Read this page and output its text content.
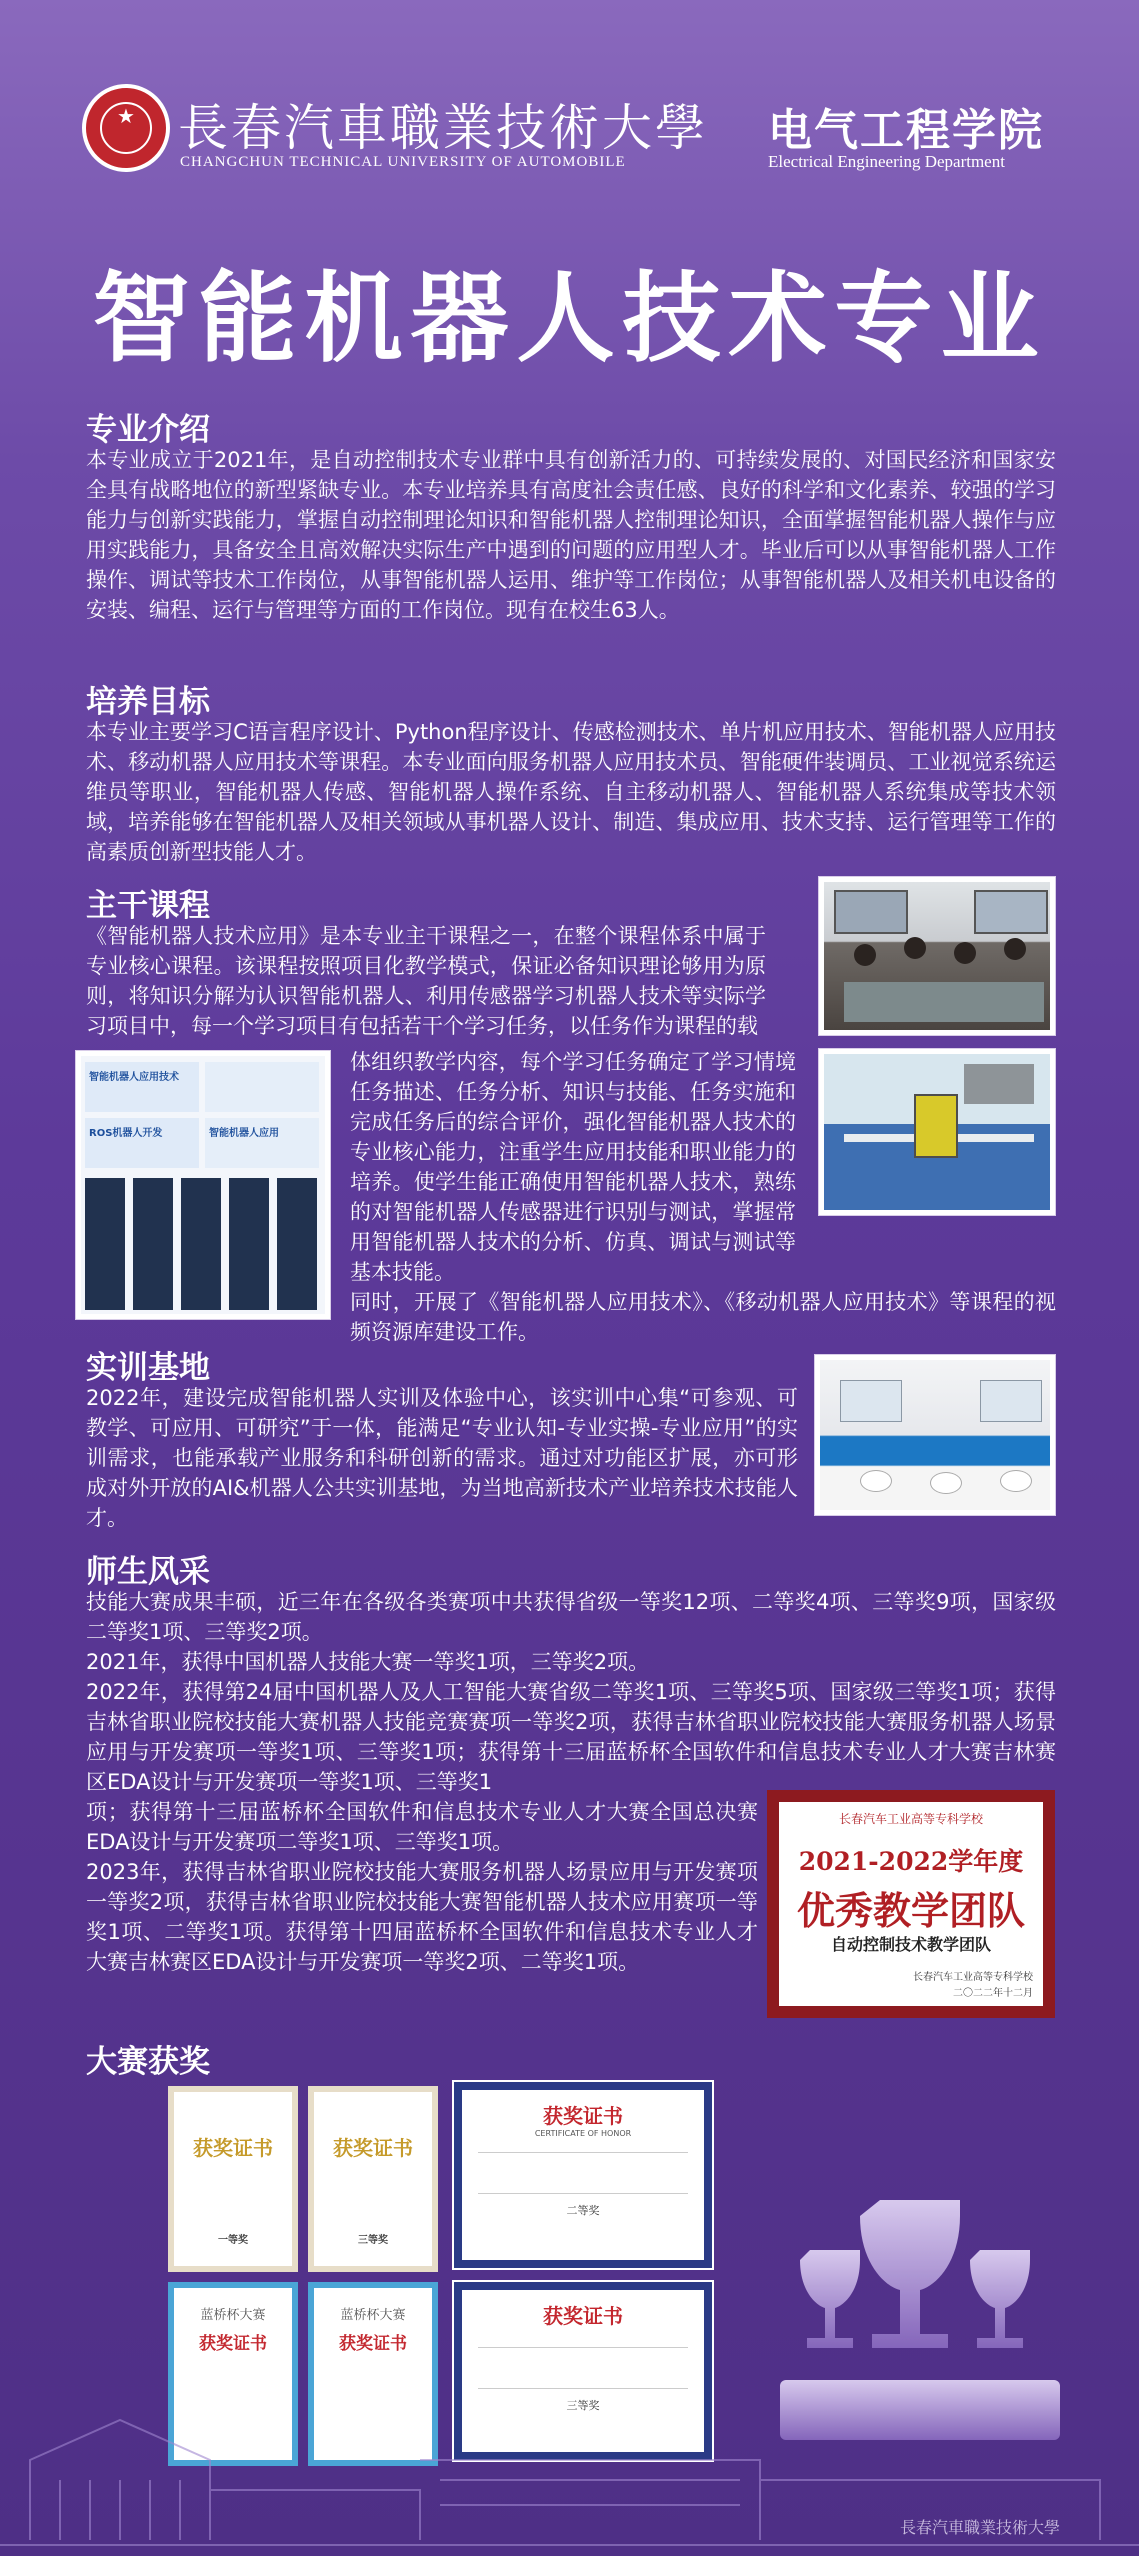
★ 長春汽車職業技術大學
CHANGCHUN TECHNICAL UNIVERSITY OF AUTOMOBILE
电气工程学院
Electrical Engineering Department
智能机器人技术专业
专业介绍
本专业成立于2021年，是自动控制技术专业群中具有创新活力的、可持续发展的、对国民经济和国家安全具有战略地位的新型紧缺专业。本专业培养具有高度社会责任感、良好的科学和文化素养、较强的学习能力与创新实践能力，掌握自动控制理论知识和智能机器人控制理论知识，全面掌握智能机器人操作与应用实践能力，具备安全且高效解决实际生产中遇到的问题的应用型人才。毕业后可以从事智能机器人工作操作、调试等技术工作岗位，从事智能机器人运用、维护等工作岗位；从事智能机器人及相关机电设备的安装、编程、运行与管理等方面的工作岗位。现有在校生63人。
培养目标
本专业主要学习C语言程序设计、Python程序设计、传感检测技术、单片机应用技术、智能机器人应用技术、移动机器人应用技术等课程。本专业面向服务机器人应用技术员、智能硬件装调员、工业视觉系统运维员等职业，智能机器人传感、智能机器人操作系统、自主移动机器人、智能机器人系统集成等技术领域，培养能够在智能机器人及相关领域从事机器人设计、制造、集成应用、技术支持、运行管理等工作的高素质创新型技能人才。
主干课程
《智能机器人技术应用》是本专业主干课程之一，在整个课程体系中属于专业核心课程。该课程按照项目化教学模式，保证必备知识理论够用为原则，将知识分解为认识智能机器人、利用传感器学习机器人技术等实际学习项目中，每一个学习项目有包括若干个学习任务，以任务作为课程的载
智能机器人应用技术
ROS机器人开发	智能机器人应用
体组织教学内容，每个学习任务确定了学习情境任务描述、任务分析、知识与技能、任务实施和完成任务后的综合评价，强化智能机器人技术的专业核心能力，注重学生应用技能和职业能力的培养。使学生能正确使用智能机器人技术，熟练的对智能机器人传感器进行识别与测试，掌握常用智能机器人技术的分析、仿真、调试与测试等基本技能。
同时，开展了《智能机器人应用技术》、《移动机器人应用技术》等课程的视频资源库建设工作。
实训基地
2022年，建设完成智能机器人实训及体验中心，该实训中心集“可参观、可教学、可应用、可研究”于一体，能满足“专业认知-专业实操-专业应用”的实训需求，也能承载产业服务和科研创新的需求。通过对功能区扩展，亦可形成对外开放的AI&机器人公共实训基地，为当地高新技术产业培养技术技能人才。
师生风采
技能大赛成果丰硕，近三年在各级各类赛项中共获得省级一等奖12项、二等奖4项、三等奖9项，国家级二等奖1项、三等奖2项。
2021年，获得中国机器人技能大赛一等奖1项，三等奖2项。
2022年，获得第24届中国机器人及人工智能大赛省级二等奖1项、三等奖5项、国家级三等奖1项；获得吉林省职业院校技能大赛机器人技能竞赛赛项一等奖2项，获得吉林省职业院校技能大赛服务机器人场景应用与开发赛项一等奖1项、三等奖1项；获得第十三届蓝桥杯全国软件和信息技术专业人才大赛吉林赛区EDA设计与开发赛项一等奖1项、三等奖1
项；获得第十三届蓝桥杯全国软件和信息技术专业人才大赛全国总决赛EDA设计与开发赛项二等奖1项、三等奖1项。
2023年，获得吉林省职业院校技能大赛服务机器人场景应用与开发赛项一等奖2项，获得吉林省职业院校技能大赛智能机器人技术应用赛项一等奖1项、二等奖1项。获得第十四届蓝桥杯全国软件和信息技术专业人才大赛吉林赛区EDA设计与开发赛项一等奖2项、二等奖1项。
长春汽车工业高等专科学校
2021-2022学年度
优秀教学团队
自动控制技术教学团队
长春汽车工业高等专科学校
二〇二二年十二月
大赛获奖
获奖证书
一等奖
获奖证书
三等奖
获奖证书
CERTIFICATE OF HONOR
二等奖
蓝桥杯大赛
获奖证书
蓝桥杯大赛
获奖证书
获奖证书
三等奖
長春汽車職業技術大學
